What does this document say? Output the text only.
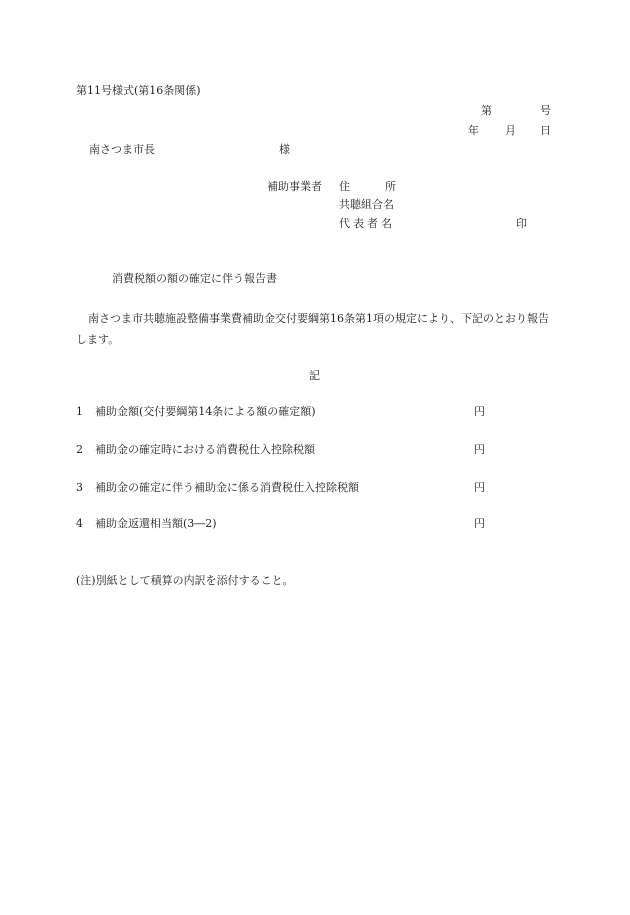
第11号様式(第16条関係)
第	号
年 月 日
南さつま市長	様
補助事業者 住	所
共聴組合名
代表者名	印
消費税額の額の確定に伴う報告書
南さつま市共聴施設整備事業費補助金交付要綱第16条第1項の規定により、下記のとおり報告します。
記
1 補助金額(交付要綱第14条による額の確定額)	円
2 補助金の確定時における消費税仕入控除税額	円
3 補助金の確定に伴う補助金に係る消費税仕入控除税額	円
4 補助金返還相当額(3―2)	円
(注)別紙として積算の内訳を添付すること。
